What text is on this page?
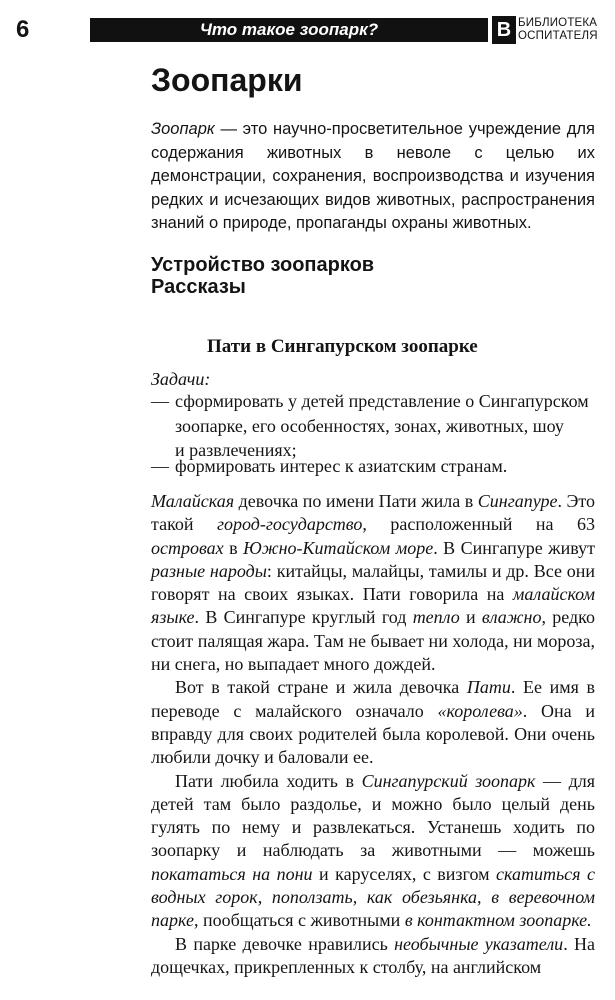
6	Что такое зоопарк?	В БИБЛИОТЕКА
ОСПИТАТЕЛЯ
Зоопарки
Зоопарк — это научно-просветительное учреждение для содержания животных в неволе с целью их демонстрации, сохранения, воспроизводства и изучения редких и исчезающих видов животных, распространения знаний о природе, пропаганды охраны животных.
Устройство зоопарков
Рассказы
Пати в Сингапурском зоопарке
Задачи:
— сформировать у детей представление о Сингапурском
зоопарке, его особенностях, зонах, животных, шоу
и развлечениях;
— формировать интерес к азиатским странам.

Малайская девочка по имени Пати жила в Сингапуре. Это такой город-государство, расположенный на 63 островах в Южно-Китайском море. В Сингапуре живут разные народы: китайцы, малайцы, тамилы и др. Все они говорят на своих языках. Пати говорила на малайском языке. В Сингапуре круглый год тепло и влажно, редко стоит палящая жара. Там не бывает ни холода, ни мороза, ни снега, но выпадает много дождей.

Вот в такой стране и жила девочка Пати. Ее имя в переводе с малайского означало «королева». Она и вправду для своих родителей была королевой. Они очень любили дочку и баловали ее.

Пати любила ходить в Сингапурский зоопарк — для детей там было раздолье, и можно было целый день гулять по нему и развлекаться. Устанешь ходить по зоопарку и наблюдать за животными — можешь покататься на пони и каруселях, с визгом скатиться с водных горок, поползать, как обезьянка, в веревочном парке, пообщаться с животными в контактном зоопарке.

В парке девочке нравились необычные указатели. На дощечках, прикрепленных к столбу, на английском
